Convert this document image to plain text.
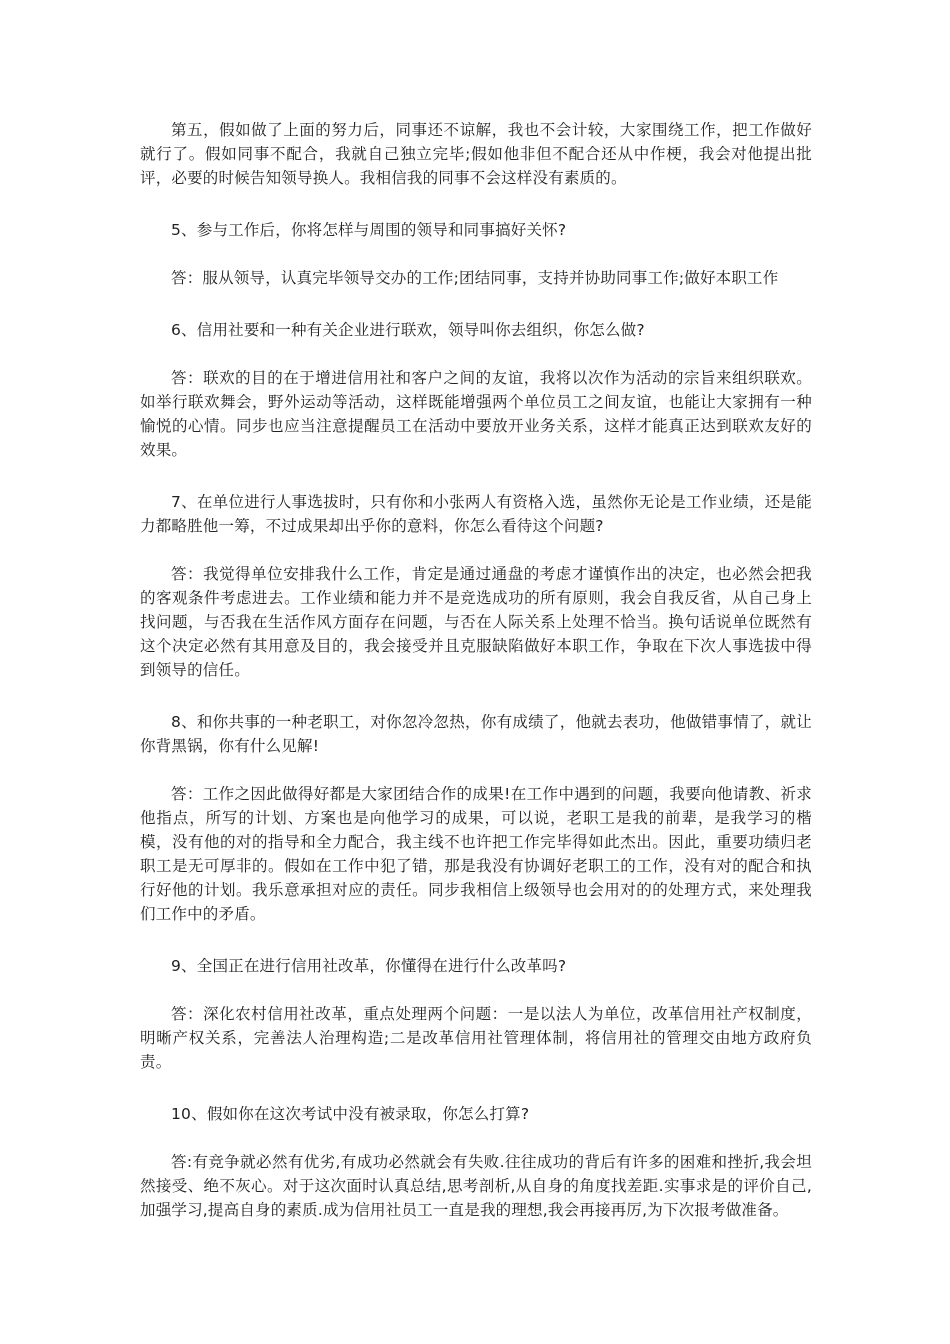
第五，假如做了上面的努力后，同事还不谅解，我也不会计较，大家围绕工作，把工作做好就行了。假如同事不配合，我就自己独立完毕;假如他非但不配合还从中作梗，我会对他提出批评，必要的时候告知领导换人。我相信我的同事不会这样没有素质的。

5、参与工作后，你将怎样与周围的领导和同事搞好关怀?

答：服从领导，认真完毕领导交办的工作;团结同事，支持并协助同事工作;做好本职工作

6、信用社要和一种有关企业进行联欢，领导叫你去组织，你怎么做?

答：联欢的目的在于增进信用社和客户之间的友谊，我将以次作为活动的宗旨来组织联欢。如举行联欢舞会，野外运动等活动，这样既能增强两个单位员工之间友谊，也能让大家拥有一种愉悦的心情。同步也应当注意提醒员工在活动中要放开业务关系，这样才能真正达到联欢友好的效果。

7、在单位进行人事选拔时，只有你和小张两人有资格入选，虽然你无论是工作业绩，还是能力都略胜他一筹，不过成果却出乎你的意料，你怎么看待这个问题?

答：我觉得单位安排我什么工作，肯定是通过通盘的考虑才谨慎作出的决定，也必然会把我的客观条件考虑进去。工作业绩和能力并不是竞选成功的所有原则，我会自我反省，从自己身上找问题，与否我在生活作风方面存在问题，与否在人际关系上处理不恰当。换句话说单位既然有这个决定必然有其用意及目的，我会接受并且克服缺陷做好本职工作，争取在下次人事选拔中得到领导的信任。

8、和你共事的一种老职工，对你忽冷忽热，你有成绩了，他就去表功，他做错事情了，就让你背黑锅，你有什么见解!

答：工作之因此做得好都是大家团结合作的成果!在工作中遇到的问题，我要向他请教、祈求他指点，所写的计划、方案也是向他学习的成果，可以说，老职工是我的前辈，是我学习的楷模，没有他的对的指导和全力配合，我主线不也许把工作完毕得如此杰出。因此，重要功绩归老职工是无可厚非的。假如在工作中犯了错，那是我没有协调好老职工的工作，没有对的配合和执行好他的计划。我乐意承担对应的责任。同步我相信上级领导也会用对的的处理方式，来处理我们工作中的矛盾。

9、全国正在进行信用社改革，你懂得在进行什么改革吗?

答：深化农村信用社改革，重点处理两个问题：一是以法人为单位，改革信用社产权制度，明晰产权关系，完善法人治理构造;二是改革信用社管理体制，将信用社的管理交由地方政府负责。

10、假如你在这次考试中没有被录取，你怎么打算?

答:有竞争就必然有优劣,有成功必然就会有失败.往往成功的背后有许多的困难和挫折,我会坦然接受、绝不灰心。对于这次面时认真总结,思考剖析,从自身的角度找差距.实事求是的评价自己,加强学习,提高自身的素质.成为信用社员工一直是我的理想,我会再接再厉,为下次报考做准备。
